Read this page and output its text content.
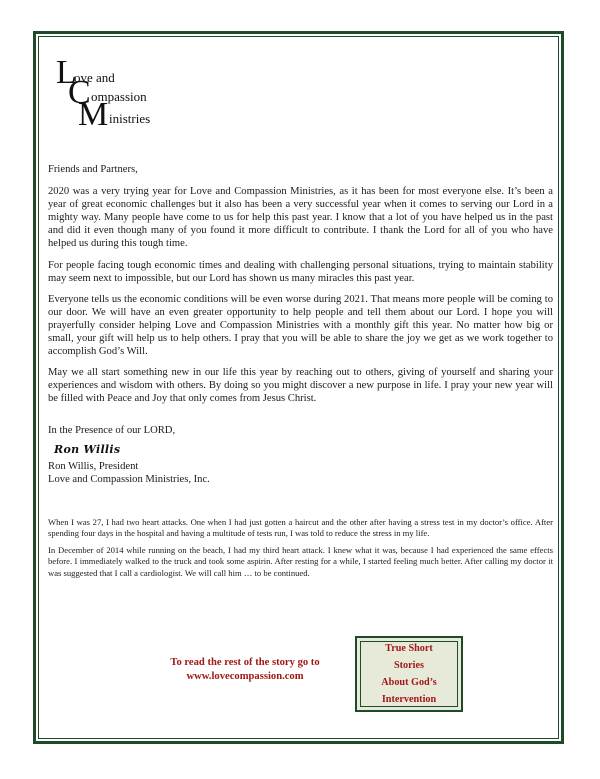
L
ove and
C ompassion
M inistries

Friends and Partners,

2020 was a very trying year for Love and Compassion Ministries, as it has been for most everyone else. It’s been a year of great economic challenges but it also has been a very successful year when it comes to serving our Lord in a mighty way. Many people have come to us for help this past year. I know that a lot of you have helped us in the past and did it even though many of you found it more difficult to contribute. I thank the Lord for all of you who have helped us during this tough time.

For people facing tough economic times and dealing with challenging personal situations, trying to maintain stability may seem next to impossible, but our Lord has shown us many miracles this past year.

Everyone tells us the economic conditions will be even worse during 2021. That means more people will be coming to our door. We will have an even greater opportunity to help people and tell them about our Lord. I hope you will prayerfully consider helping Love and Compassion Ministries with a monthly gift this year. No matter how big or small, your gift will help us to help others. I pray that you will be able to share the joy we get as we work together to accomplish God’s Will.

May we all start something new in our life this year by reaching out to others, giving of yourself and sharing your experiences and wisdom with others. By doing so you might discover a new purpose in life. I pray your new year will be filled with Peace and Joy that only comes from Jesus Christ.

In the Presence of our LORD,
Ron Willis
Ron Willis, President
Love and Compassion Ministries, Inc.

When I was 27, I had two heart attacks. One when I had just gotten a haircut and the other after having a stress test in my doctor’s office. After spending four days in the hospital and having a multitude of tests run, I was told to reduce the stress in my life.

In December of 2014 while running on the beach, I had my third heart attack. I knew what it was, because I had experienced the same effects before. I immediately walked to the truck and took some aspirin. After resting for a while, I started feeling much better. After calling my doctor it was suggested that I call a cardiologist. We will call him … to be continued.

To read the rest of the story go to
www.lovecompassion.com
True Short
Stories
About God’s
Intervention
